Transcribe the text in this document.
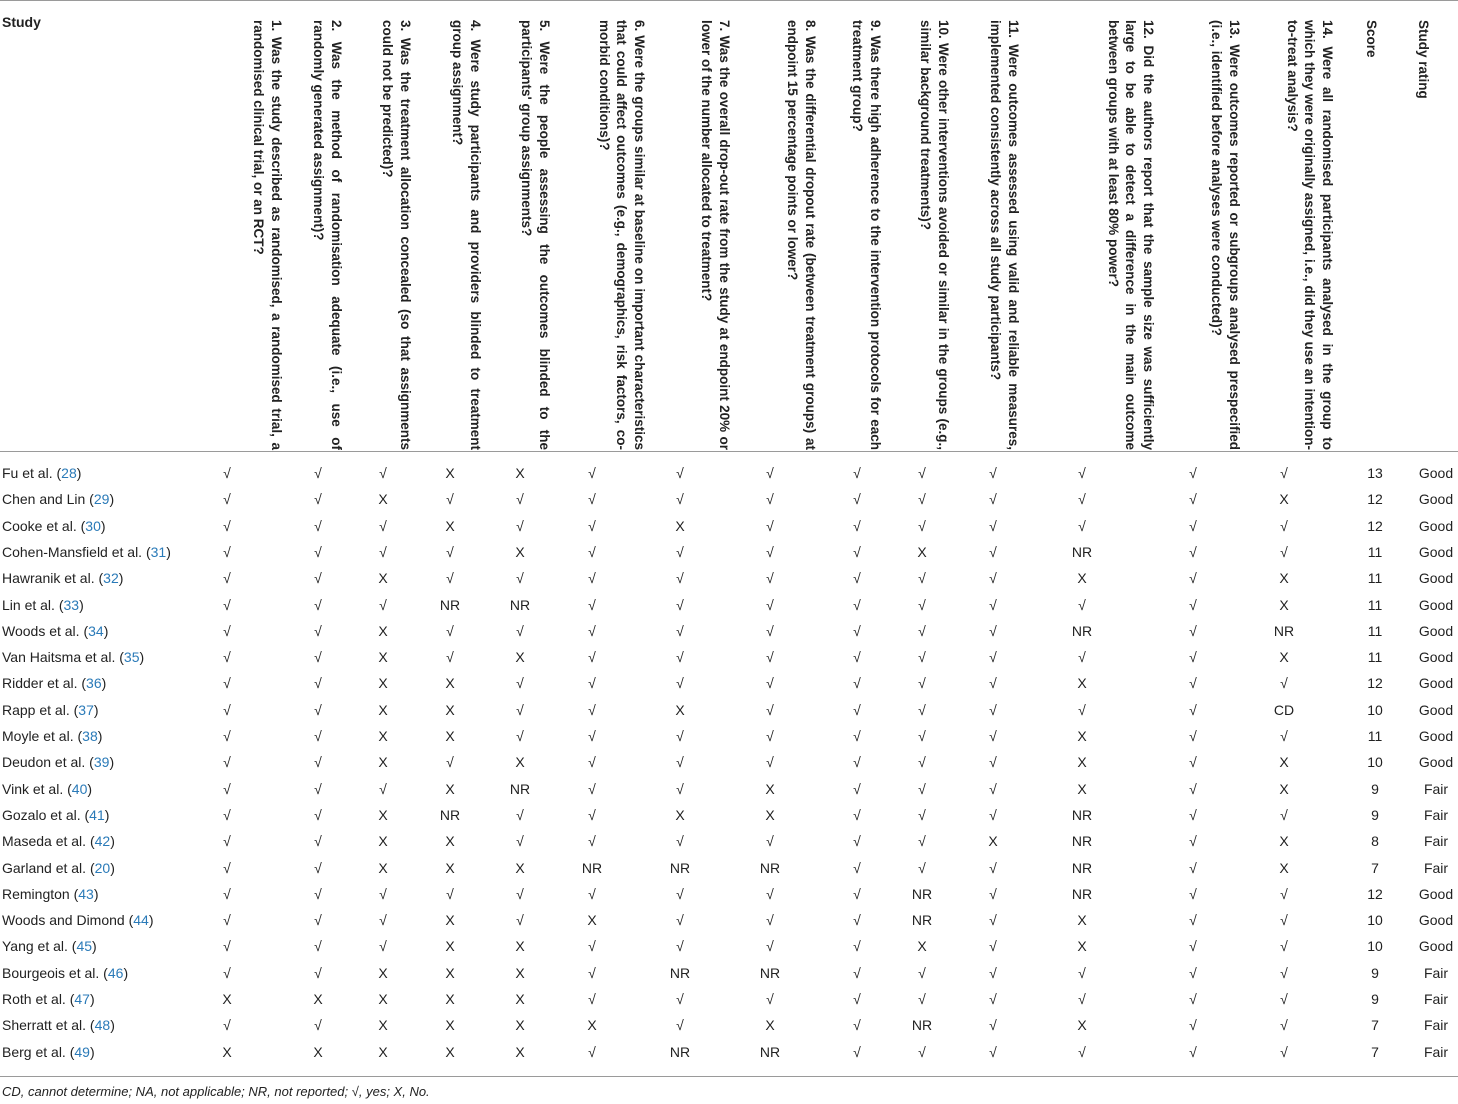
Study	1. Was the study described as randomised, a randomised trial, a randomised clinical trial, or an RCT?	2. Was the method of randomisation adequate (i.e., use of randomly generated assignment)?	3. Was the treatment allocation concealed (so that assignments could not be predicted)?	4. Were study participants and providers blinded to treatment group assignment?	5. Were the people assessing the outcomes blinded to the participants' group assignments?	6. Were the groups similar at baseline on important characteristics that could affect outcomes (e.g., demographics, risk factors, co-morbid conditions)?	7. Was the overall drop-out rate from the study at endpoint 20% or lower of the number allocated to treatment?	8. Was the differential dropout rate (between treatment groups) at endpoint 15 percentage points or lower?	9. Was there high adherence to the intervention protocols for each treatment group?	10. Were other interventions avoided or similar in the groups (e.g., similar background treatments)?	11. Were outcomes assessed using valid and reliable measures, implemented consistently across all study participants?	12. Did the authors report that the sample size was sufficiently large to be able to detect a difference in the main outcome between groups with at least 80% power?	13. Were outcomes reported or subgroups analysed prespecified (i.e., identified before analyses were conducted)?	14. Were all randomised participants analysed in the group to which they were originally assigned, i.e., did they use an intention-to-treat analysis?	Score	Study rating
Fu et al. (28)	√	√	√	X	X	√	√	√	√	√	√	√	√	√	13	Good
Chen and Lin (29)	√	√	X	√	√	√	√	√	√	√	√	√	√	X	12	Good
Cooke et al. (30)	√	√	√	X	√	√	X	√	√	√	√	√	√	√	12	Good
Cohen-Mansfield et al. (31)	√	√	√	√	X	√	√	√	√	X	√	NR	√	√	11	Good
Hawranik et al. (32)	√	√	X	√	√	√	√	√	√	√	√	X	√	X	11	Good
Lin et al. (33)	√	√	√	NR	NR	√	√	√	√	√	√	√	√	X	11	Good
Woods et al. (34)	√	√	X	√	√	√	√	√	√	√	√	NR	√	NR	11	Good
Van Haitsma et al. (35)	√	√	X	√	X	√	√	√	√	√	√	√	√	X	11	Good
Ridder et al. (36)	√	√	X	X	√	√	√	√	√	√	√	X	√	√	12	Good
Rapp et al. (37)	√	√	X	X	√	√	X	√	√	√	√	√	√	CD	10	Good
Moyle et al. (38)	√	√	X	X	√	√	√	√	√	√	√	X	√	√	11	Good
Deudon et al. (39)	√	√	X	√	X	√	√	√	√	√	√	X	√	X	10	Good
Vink et al. (40)	√	√	√	X	NR	√	√	X	√	√	√	X	√	X	9	Fair
Gozalo et al. (41)	√	√	X	NR	√	√	X	X	√	√	√	NR	√	√	9	Fair
Maseda et al. (42)	√	√	X	X	√	√	√	√	√	√	X	NR	√	X	8	Fair
Garland et al. (20)	√	√	X	X	X	NR	NR	NR	√	√	√	NR	√	X	7	Fair
Remington (43)	√	√	√	√	√	√	√	√	√	NR	√	NR	√	√	12	Good
Woods and Dimond (44)	√	√	√	X	√	X	√	√	√	NR	√	X	√	√	10	Good
Yang et al. (45)	√	√	√	X	X	√	√	√	√	X	√	X	√	√	10	Good
Bourgeois et al. (46)	√	√	X	X	X	√	NR	NR	√	√	√	√	√	√	9	Fair
Roth et al. (47)	X	X	X	X	X	√	√	√	√	√	√	√	√	√	9	Fair
Sherratt et al. (48)	√	√	X	X	X	X	√	X	√	NR	√	X	√	√	7	Fair
Berg et al. (49)	X	X	X	X	X	√	NR	NR	√	√	√	√	√	√	7	Fair
CD, cannot determine; NA, not applicable; NR, not reported; √, yes; X, No.
